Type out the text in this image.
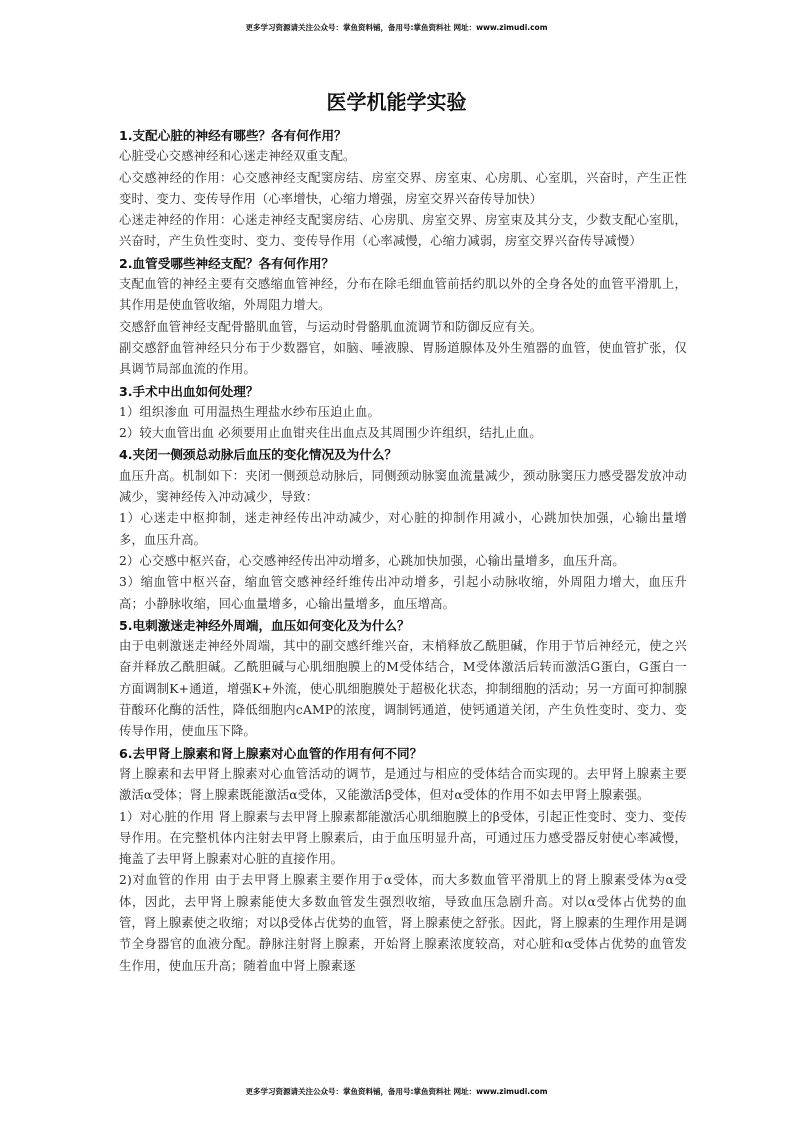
更多学习资源请关注公众号：掌鱼资料铺，备用号:掌鱼资料社 网址：www.zimudi.com
医学机能学实验
1.支配心脏的神经有哪些？各有何作用？
心脏受心交感神经和心迷走神经双重支配。
心交感神经的作用：心交感神经支配窦房结、房室交界、房室束、心房肌、心室肌，兴奋时，产生正性变时、变力、变传导作用（心率增快，心缩力增强，房室交界兴奋传导加快）
心迷走神经的作用：心迷走神经支配窦房结、心房肌、房室交界、房室束及其分支，少数支配心室肌，兴奋时，产生负性变时、变力、变传导作用（心率减慢，心缩力减弱，房室交界兴奋传导减慢）
2.血管受哪些神经支配？各有何作用？
支配血管的神经主要有交感缩血管神经，分布在除毛细血管前括约肌以外的全身各处的血管平滑肌上，其作用是使血管收缩，外周阻力增大。
交感舒血管神经支配骨骼肌血管，与运动时骨骼肌血流调节和防御反应有关。
副交感舒血管神经只分布于少数器官，如脑、唾液腺、胃肠道腺体及外生殖器的血管，使血管扩张，仅具调节局部血流的作用。
3.手术中出血如何处理？
1）组织渗血 可用温热生理盐水纱布压迫止血。
2）较大血管出血 必须要用止血钳夹住出血点及其周围少许组织，结扎止血。
4.夹闭一侧颈总动脉后血压的变化情况及为什么？
血压升高。机制如下：夹闭一侧颈总动脉后，同侧颈动脉窦血流量减少，颈动脉窦压力感受器发放冲动减少，窦神经传入冲动减少，导致：
1）心迷走中枢抑制，迷走神经传出冲动减少，对心脏的抑制作用减小，心跳加快加强，心输出量增多，血压升高。
2）心交感中枢兴奋，心交感神经传出冲动增多，心跳加快加强，心输出量增多，血压升高。
3）缩血管中枢兴奋，缩血管交感神经纤维传出冲动增多，引起小动脉收缩，外周阻力增大，血压升高；小静脉收缩，回心血量增多，心输出量增多，血压增高。
5.电刺激迷走神经外周端，血压如何变化及为什么？
由于电刺激迷走神经外周端，其中的副交感纤维兴奋，末梢释放乙酰胆碱，作用于节后神经元，使之兴奋并释放乙酰胆碱。乙酰胆碱与心肌细胞膜上的M受体结合，M受体激活后转而激活G蛋白，G蛋白一方面调制K+通道，增强K+外流，使心肌细胞膜处于超极化状态，抑制细胞的活动；另一方面可抑制腺苷酸环化酶的活性，降低细胞内cAMP的浓度，调制钙通道，使钙通道关闭，产生负性变时、变力、变传导作用，使血压下降。
6.去甲肾上腺素和肾上腺素对心血管的作用有何不同？
肾上腺素和去甲肾上腺素对心血管活动的调节，是通过与相应的受体结合而实现的。去甲肾上腺素主要激活α受体；肾上腺素既能激活α受体，又能激活β受体，但对α受体的作用不如去甲肾上腺素强。
1）对心脏的作用 肾上腺素与去甲肾上腺素都能激活心肌细胞膜上的β受体，引起正性变时、变力、变传导作用。在完整机体内注射去甲肾上腺素后，由于血压明显升高，可通过压力感受器反射使心率减慢，掩盖了去甲肾上腺素对心脏的直接作用。
2)对血管的作用 由于去甲肾上腺素主要作用于α受体，而大多数血管平滑肌上的肾上腺素受体为α受体，因此，去甲肾上腺素能使大多数血管发生强烈收缩，导致血压急剧升高。对以α受体占优势的血管，肾上腺素使之收缩；对以β受体占优势的血管，肾上腺素使之舒张。因此，肾上腺素的生理作用是调节全身器官的血液分配。静脉注射肾上腺素，开始肾上腺素浓度较高，对心脏和α受体占优势的血管发生作用，使血压升高；随着血中肾上腺素逐
更多学习资源请关注公众号：掌鱼资料铺，备用号:掌鱼资料社 网址：www.zimudi.com
